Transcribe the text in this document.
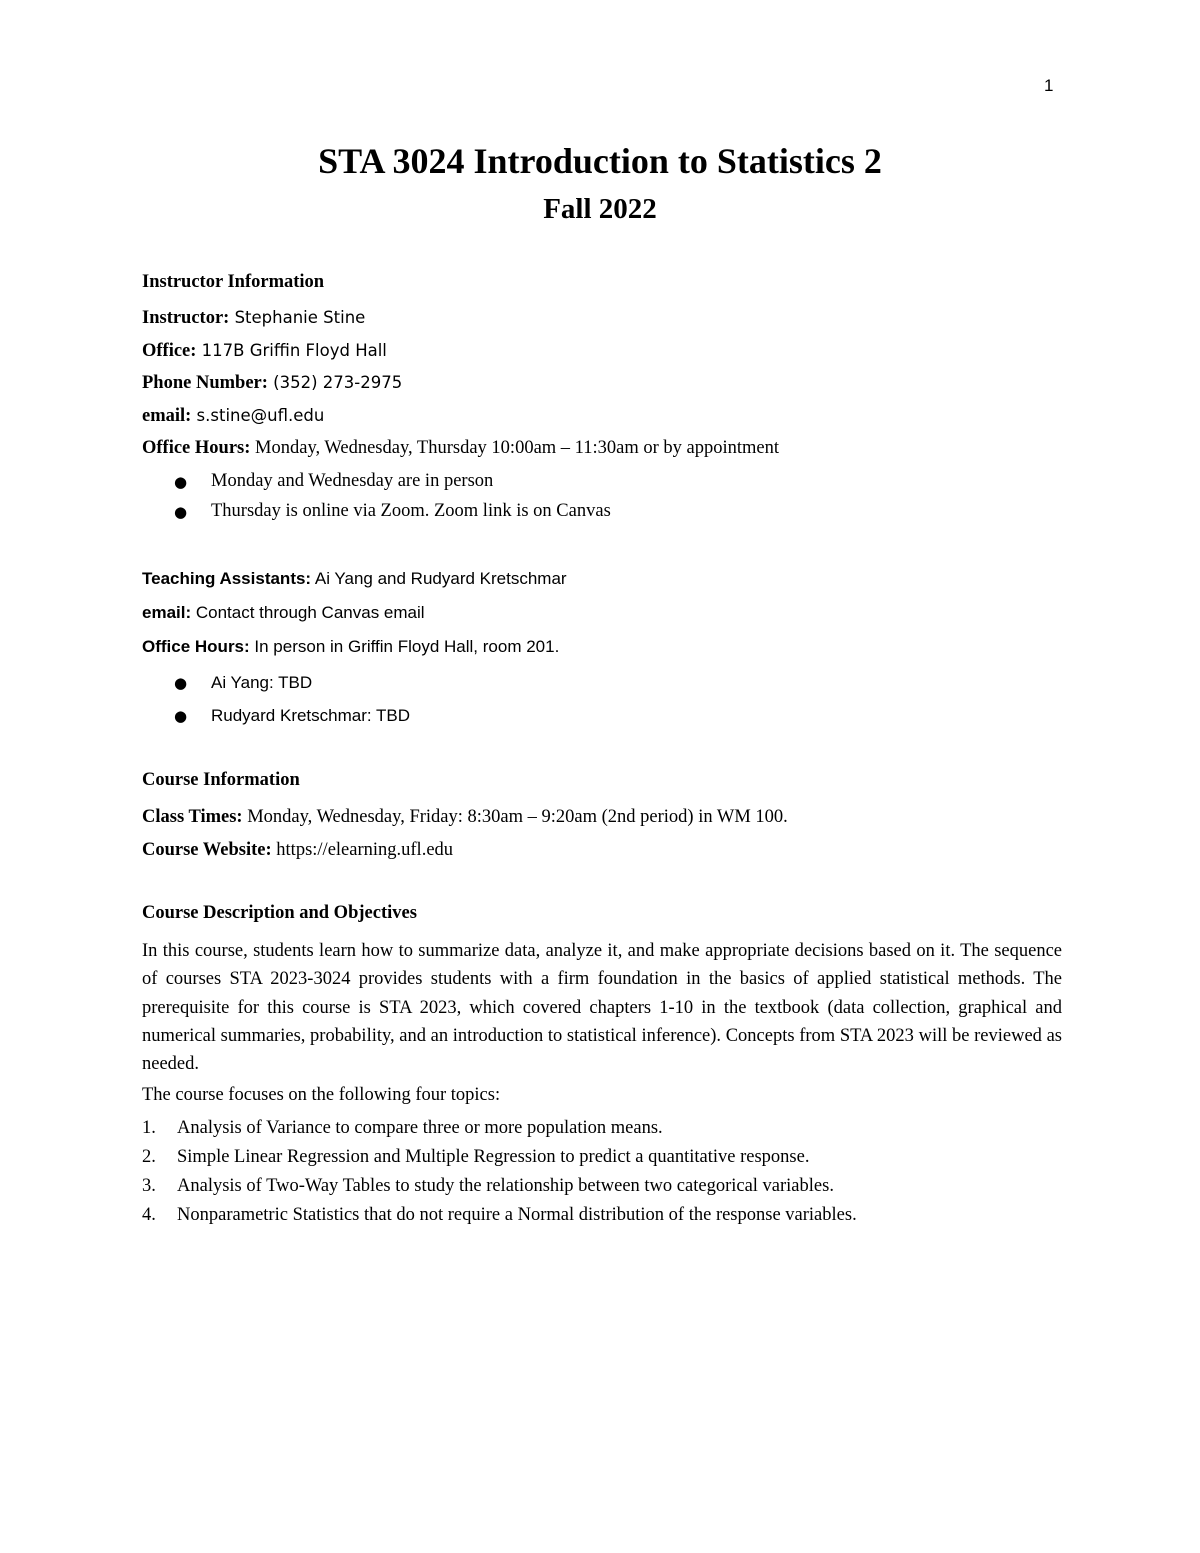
1
STA 3024 Introduction to Statistics 2
Fall 2022
Instructor Information

Instructor: Stephanie Stine

Office: 117B Griffin Floyd Hall

Phone Number: (352) 273-2975

email: s.stine@ufl.edu

Office Hours: Monday, Wednesday, Thursday 10:00am – 11:30am or by appointment

● Monday and Wednesday are in person
● Thursday is online via Zoom. Zoom link is on Canvas

Teaching Assistants: Ai Yang and Rudyard Kretschmar

email: Contact through Canvas email

Office Hours: In person in Griffin Floyd Hall, room 201.

● Ai Yang: TBD
● Rudyard Kretschmar: TBD
Course Information

Class Times: Monday, Wednesday, Friday: 8:30am – 9:20am (2nd period) in WM 100.

Course Website: https://elearning.ufl.edu

Course Description and Objectives

In this course, students learn how to summarize data, analyze it, and make appropriate decisions based on it. The sequence of courses STA 2023-3024 provides students with a firm foundation in the basics of applied statistical methods. The prerequisite for this course is STA 2023, which covered chapters 1-10 in the textbook (data collection, graphical and numerical summaries, probability, and an introduction to statistical inference). Concepts from STA 2023 will be reviewed as needed.

The course focuses on the following four topics:

1. Analysis of Variance to compare three or more population means.
2. Simple Linear Regression and Multiple Regression to predict a quantitative response.
3. Analysis of Two-Way Tables to study the relationship between two categorical variables.
4. Nonparametric Statistics that do not require a Normal distribution of the response variables.
